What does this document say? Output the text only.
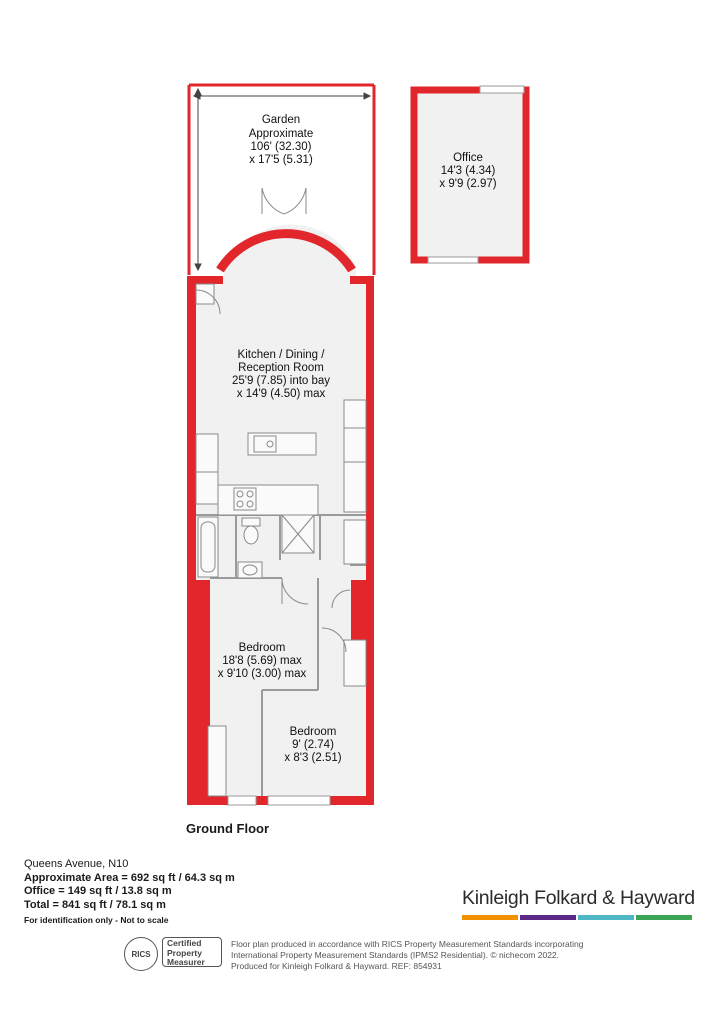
Garden
Approximate
106' (32.30)
x 17'5 (5.31)	Office
14'3 (4.34)
x 9'9 (2.97)
Kitchen / Dining /
Reception Room
25'9 (7.85) into bay
x 14'9 (4.50) max
Bedroom
18'8 (5.69) max
x 9'10 (3.00) max
Bedroom
9' (2.74)
x 8'3 (2.51)
Ground Floor
Queens Avenue, N10
Approximate Area = 692 sq ft / 64.3 sq m
Office = 149 sq ft / 13.8 sq m
Total = 841 sq ft / 78.1 sq m
For identification only - Not to scale
Kinleigh Folkard & Hayward
RICS
Certified
Property
Measurer
Floor plan produced in accordance with RICS Property Measurement Standards incorporating
International Property Measurement Standards (IPMS2 Residential). © nichecom 2022.
Produced for Kinleigh Folkard & Hayward. REF: 854931
